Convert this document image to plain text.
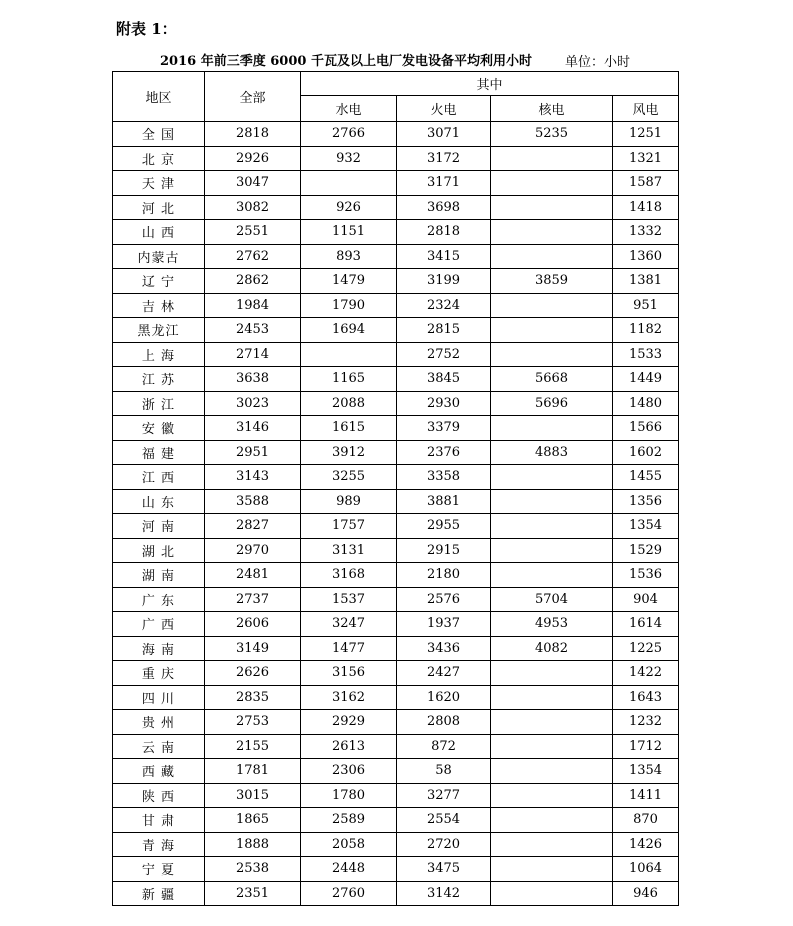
附表 1：
2016 年前三季度 6000 千瓦及以上电厂发电设备平均利用小时	单位：小时
地区	全部	其中			
		水电	火电	核电	风电
全 国	2818	2766	3071	5235	1251
北 京	2926	932	3172		1321
天 津	3047		3171		1587
河 北	3082	926	3698		1418
山 西	2551	1151	2818		1332
内蒙古	2762	893	3415		1360
辽 宁	2862	1479	3199	3859	1381
吉 林	1984	1790	2324		951
黑龙江	2453	1694	2815		1182
上 海	2714		2752		1533
江 苏	3638	1165	3845	5668	1449
浙 江	3023	2088	2930	5696	1480
安 徽	3146	1615	3379		1566
福 建	2951	3912	2376	4883	1602
江 西	3143	3255	3358		1455
山 东	3588	989	3881		1356
河 南	2827	1757	2955		1354
湖 北	2970	3131	2915		1529
湖 南	2481	3168	2180		1536
广 东	2737	1537	2576	5704	904
广 西	2606	3247	1937	4953	1614
海 南	3149	1477	3436	4082	1225
重 庆	2626	3156	2427		1422
四 川	2835	3162	1620		1643
贵 州	2753	2929	2808		1232
云 南	2155	2613	872		1712
西 藏	1781	2306	58		1354
陕 西	3015	1780	3277		1411
甘 肃	1865	2589	2554		870
青 海	1888	2058	2720		1426
宁 夏	2538	2448	3475		1064
新 疆	2351	2760	3142		946
